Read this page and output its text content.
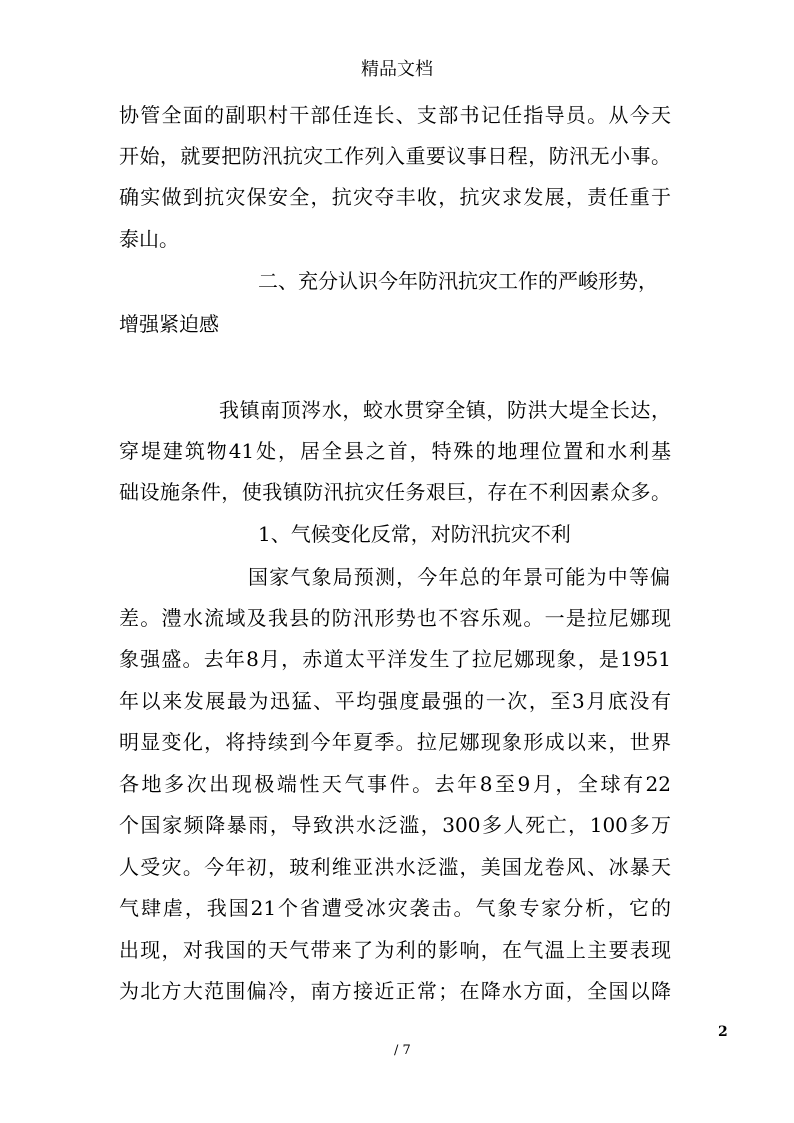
精品文档
协管全面的副职村干部任连长、支部书记任指导员。从今天
开始，就要把防汛抗灾工作列入重要议事日程，防汛无小事。
确实做到抗灾保安全，抗灾夺丰收，抗灾求发展，责任重于
泰山。
二、充分认识今年防汛抗灾工作的严峻形势，
增强紧迫感
我镇南顶涔水，蛟水贯穿全镇，防洪大堤全长达，
穿堤建筑物41处，居全县之首，特殊的地理位置和水利基
础设施条件，使我镇防汛抗灾任务艰巨，存在不利因素众多。
1、气候变化反常，对防汛抗灾不利
国家气象局预测，今年总的年景可能为中等偏
差。澧水流域及我县的防汛形势也不容乐观。一是拉尼娜现
象强盛。去年8月，赤道太平洋发生了拉尼娜现象，是1951
年以来发展最为迅猛、平均强度最强的一次，至3月底没有
明显变化，将持续到今年夏季。拉尼娜现象形成以来，世界
各地多次出现极端性天气事件。去年8至9月，全球有22
个国家频降暴雨，导致洪水泛滥，300多人死亡，100多万
人受灾。今年初，玻利维亚洪水泛滥，美国龙卷风、冰暴天
气肆虐，我国21个省遭受冰灾袭击。气象专家分析，它的
出现，对我国的天气带来了为利的影响，在气温上主要表现
为北方大范围偏冷，南方接近正常；在降水方面，全国以降
2
/ 7
